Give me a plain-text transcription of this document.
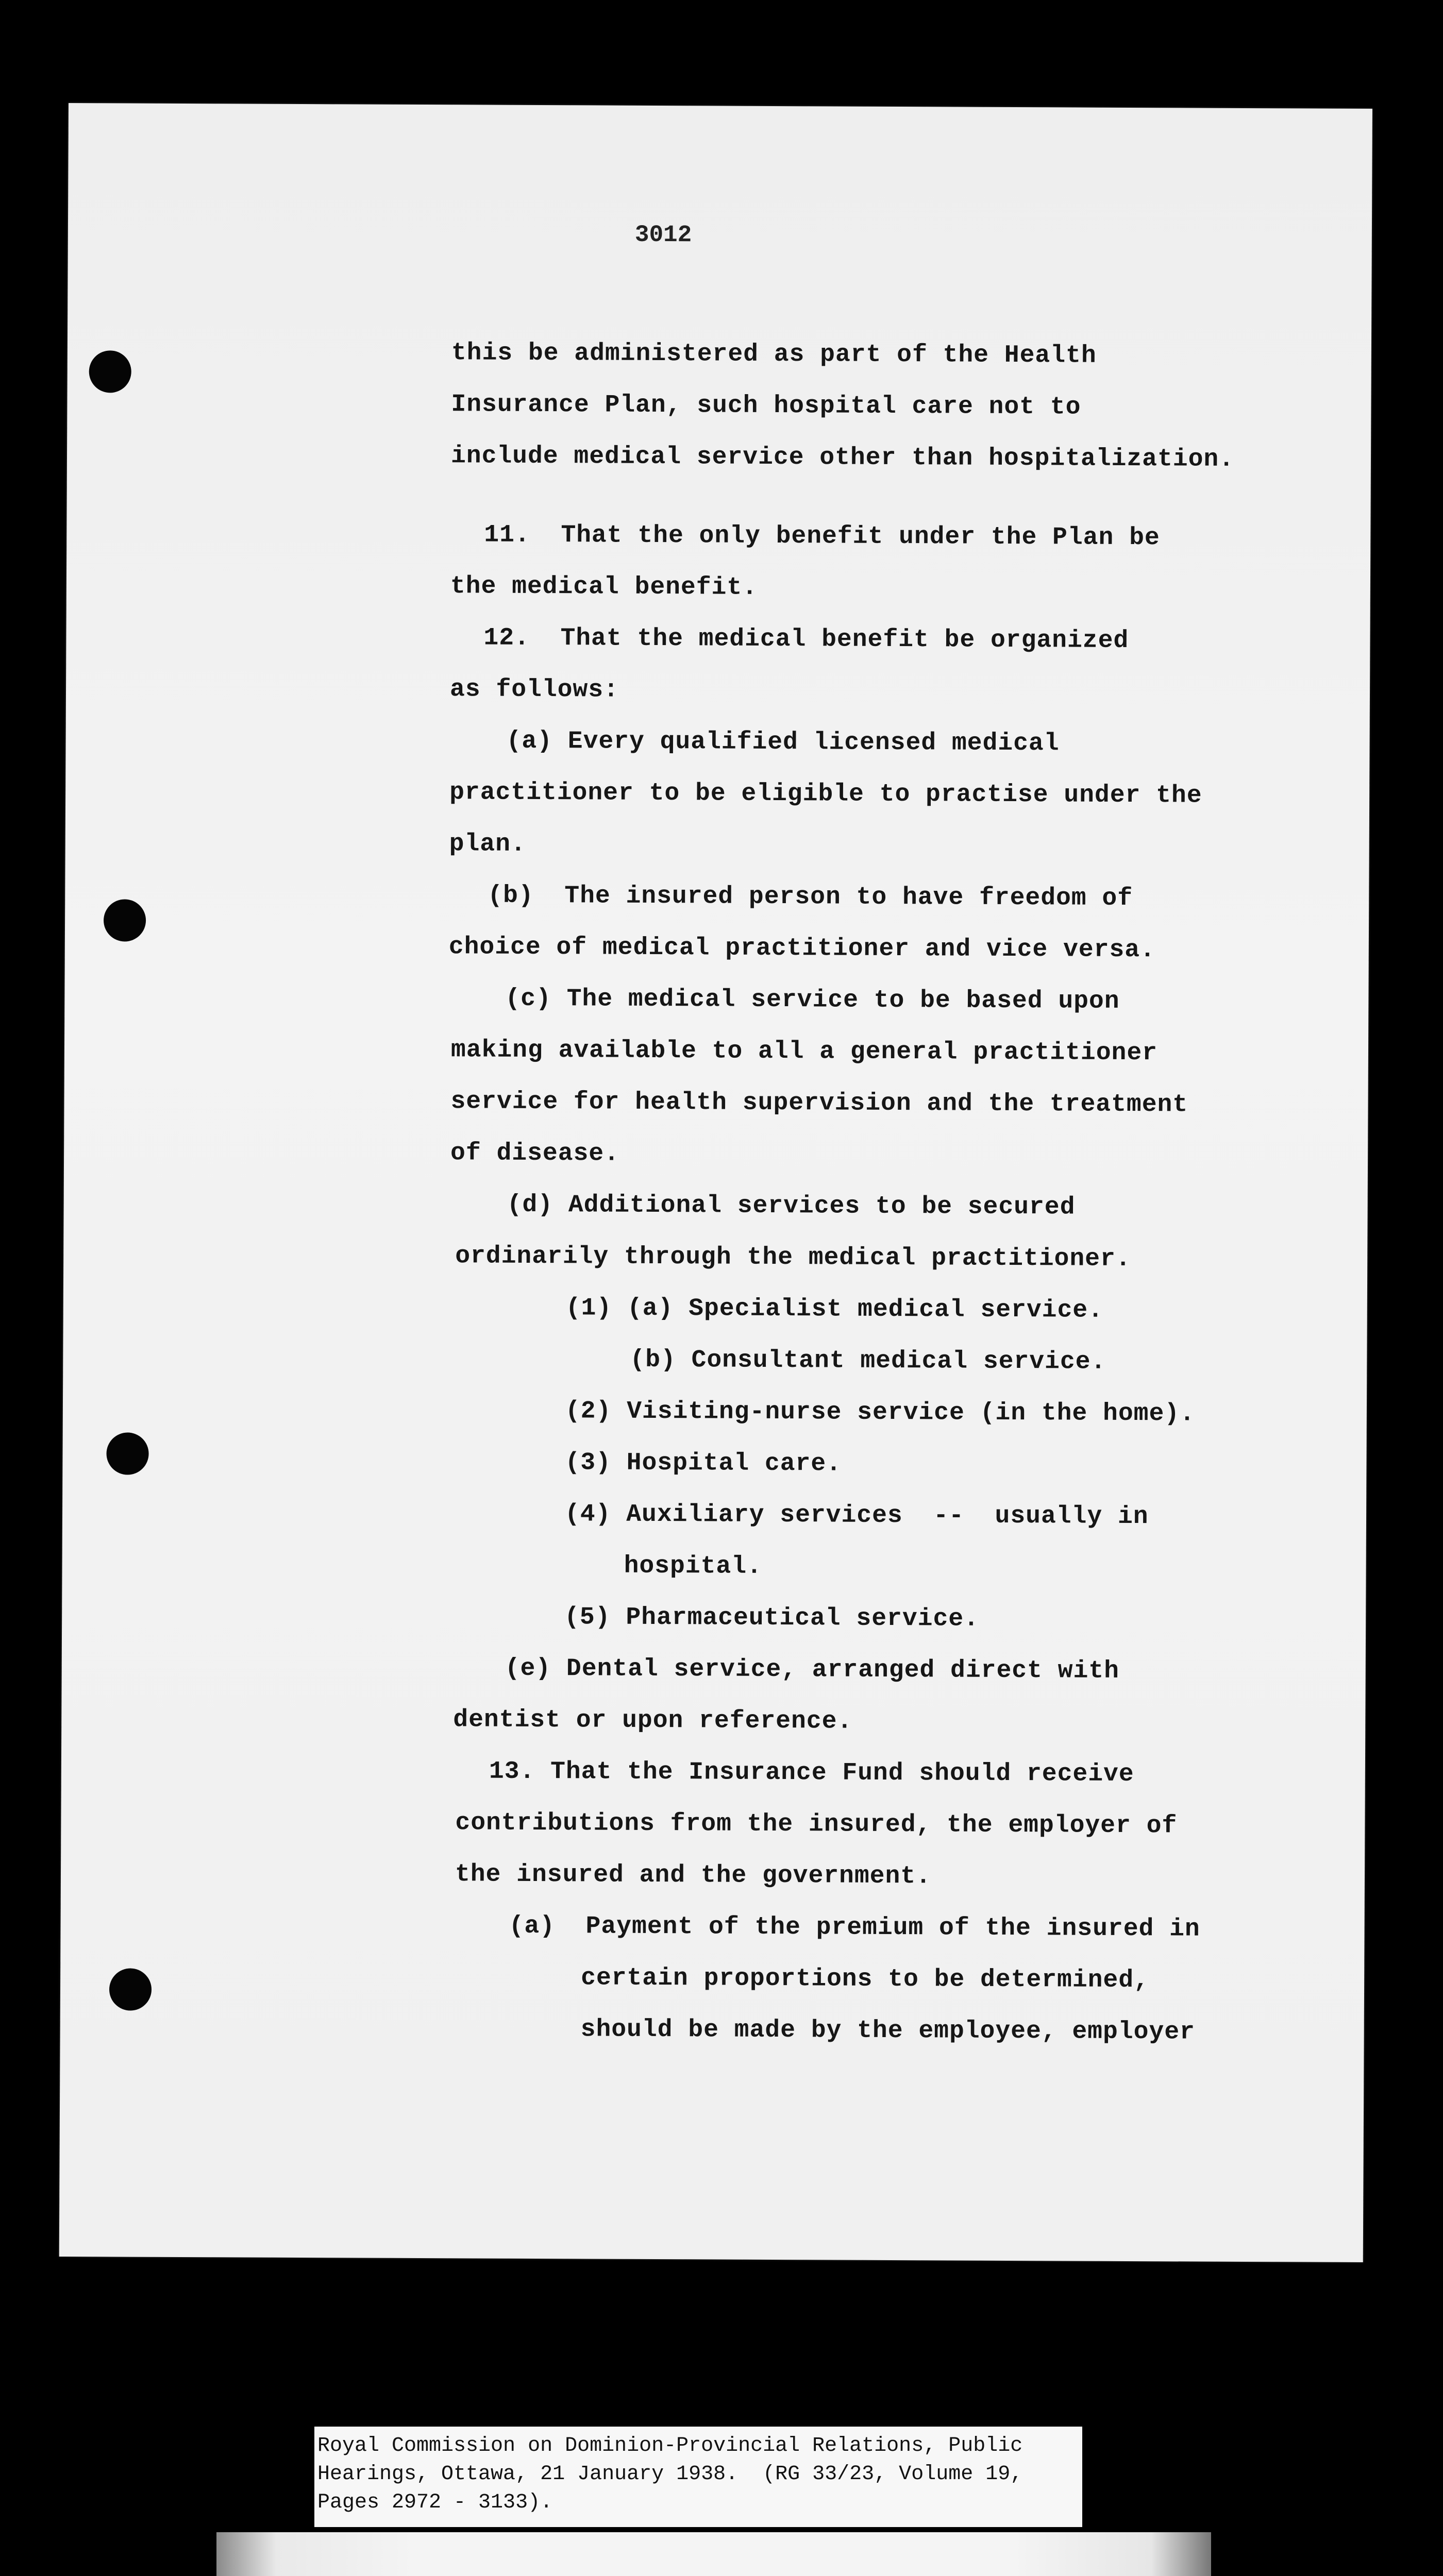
3012
this be administered as part of the Health
Insurance Plan, such hospital care not to
include medical service other than hospitalization.
11.  That the only benefit under the Plan be
the medical benefit.
12.  That the medical benefit be organized
as follows:
(a) Every qualified licensed medical
practitioner to be eligible to practise under the
plan.
(b)  The insured person to have freedom of
choice of medical practitioner and vice versa.
(c) The medical service to be based upon
making available to all a general practitioner
service for health supervision and the treatment
of disease.
(d) Additional services to be secured
ordinarily through the medical practitioner.
(1) (a) Specialist medical service.
(b) Consultant medical service.
(2) Visiting-nurse service (in the home).
(3) Hospital care.
(4) Auxiliary services  --  usually in
hospital.
(5) Pharmaceutical service.
(e) Dental service, arranged direct with
dentist or upon reference.
13. That the Insurance Fund should receive
contributions from the insured, the employer of
the insured and the government.
(a)  Payment of the premium of the insured in
certain proportions to be determined,
should be made by the employee, employer
Royal Commission on Dominion-Provincial Relations, Public
Hearings, Ottawa, 21 January 1938.  (RG 33/23, Volume 19,
Pages 2972 - 3133).
